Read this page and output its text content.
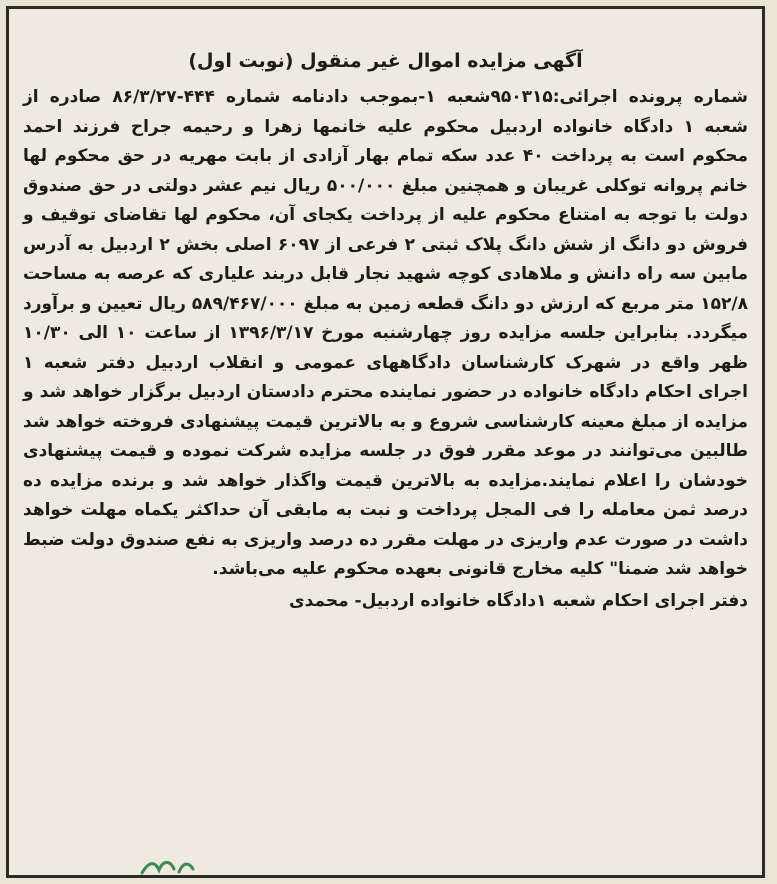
آگهی مزایده اموال غیر منقول (نوبت اول)

شماره پرونده اجرائی:۹۵۰۳۱۵شعبه ۱-بموجب دادنامه شماره ۴۴۴-۸۶/۳/۲۷ صادره از شعبه ۱ دادگاه خانواده اردبیل محکوم علیه خانمها زهرا و رحیمه جراح فرزند احمد محکوم است به پرداخت ۴۰ عدد سکه تمام بهار آزادی از بابت مهریه در حق محکوم لها خانم پروانه توکلی غریبان و همچنین مبلغ ۵۰۰/۰۰۰ ریال نیم عشر دولتی در حق صندوق دولت با توجه به امتناع محکوم علیه از پرداخت یکجای آن، محکوم لها تقاضای توقیف و فروش دو دانگ از شش دانگ پلاک ثبتی ۲ فرعی از ۶۰۹۷ اصلی بخش ۲ اردبیل به آدرس مابین سه راه دانش و ملاهادی کوچه شهید نجار قابل دربند علیاری که عرصه به مساحت ۱۵۲/۸ متر مربع که ارزش دو دانگ قطعه زمین به مبلغ ۵۸۹/۴۶۷/۰۰۰ ریال تعیین و برآورد میگردد. بنابراین جلسه مزایده روز چهارشنبه مورخ ۱۳۹۶/۳/۱۷ از ساعت ۱۰ الی ۱۰/۳۰ ظهر واقع در شهرک کارشناسان دادگاههای عمومی و انقلاب اردبیل دفتر شعبه ۱ اجرای احکام دادگاه خانواده در حضور نماینده محترم دادستان اردبیل برگزار خواهد شد و مزایده از مبلغ معینه کارشناسی شروع و به بالاترین قیمت پیشنهادی فروخته خواهد شد طالبین می‌توانند در موعد مقرر فوق در جلسه مزایده شرکت نموده و قیمت پیشنهادی خودشان را اعلام نمایند.مزایده به بالاترین قیمت واگذار خواهد شد و برنده مزایده ده درصد ثمن معامله را فی المجل پرداخت و نبت به مابقی آن حداکثر یکماه مهلت خواهد داشت در صورت عدم واریزی در مهلت مقرر ده درصد واریزی به نفع صندوق دولت ضبط خواهد شد ضمنا" کلیه مخارج قانونی بعهده محکوم علیه می‌باشد.

دفتر اجرای احکام شعبه ۱دادگاه خانواده اردبیل- محمدی
